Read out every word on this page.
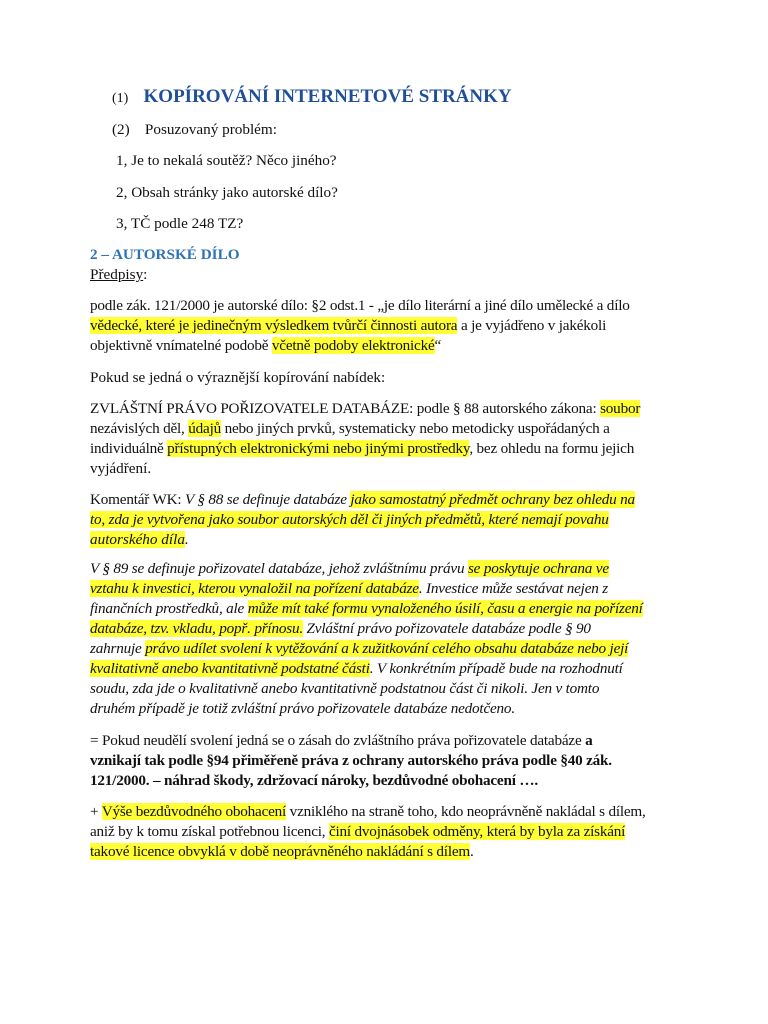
(1) KOPÍROVÁNÍ INTERNETOVÉ STRÁNKY
(2) Posuzovaný problém:
1, Je to nekalá soutěž? Něco jiného?
2, Obsah stránky jako autorské dílo?
3, TČ podle 248 TZ?
2 – AUTORSKÉ DÍLO
Předpisy:
podle zák. 121/2000 je autorské dílo: §2 odst.1 - „je dílo literární a jiné dílo umělecké a dílo
vědecké, které je jedinečným výsledkem tvůrčí činnosti autora a je vyjádřeno v jakékoli
objektivně vnímatelné podobě včetně podoby elektronické“
Pokud se jedná o výraznější kopírování nabídek:
ZVLÁŠTNÍ PRÁVO POŘIZOVATELE DATABÁZE: podle § 88 autorského zákona: soubor
nezávislých děl, údajů nebo jiných prvků, systematicky nebo metodicky uspořádaných a
individuálně přístupných elektronickými nebo jinými prostředky, bez ohledu na formu jejich
vyjádření.
Komentář WK: V § 88 se definuje databáze jako samostatný předmět ochrany bez ohledu na
to, zda je vytvořena jako soubor autorských děl či jiných předmětů, které nemají povahu
autorského díla.
V § 89 se definuje pořizovatel databáze, jehož zvláštnímu právu se poskytuje ochrana ve
vztahu k investici, kterou vynaložil na pořízení databáze. Investice může sestávat nejen z
finančních prostředků, ale může mít také formu vynaloženého úsilí, času a energie na pořízení
databáze, tzv. vkladu, popř. přínosu. Zvláštní právo pořizovatele databáze podle § 90
zahrnuje právo udílet svolení k vytěžování a k zužitkování celého obsahu databáze nebo její
kvalitativně anebo kvantitativně podstatné části. V konkrétním případě bude na rozhodnutí
soudu, zda jde o kvalitativně anebo kvantitativně podstatnou část či nikoli. Jen v tomto
druhém případě je totiž zvláštní právo pořizovatele databáze nedotčeno.
= Pokud neudělí svolení jedná se o zásah do zvláštního práva pořizovatele databáze a
vznikají tak podle §94 přiměřeně práva z ochrany autorského práva podle §40 zák.
121/2000. – náhrad škody, zdržovací nároky, bezdůvodné obohacení ….
+ Výše bezdůvodného obohacení vzniklého na straně toho, kdo neoprávněně nakládal s dílem,
aniž by k tomu získal potřebnou licenci, činí dvojnásobek odměny, která by byla za získání
takové licence obvyklá v době neoprávněného nakládání s dílem.
